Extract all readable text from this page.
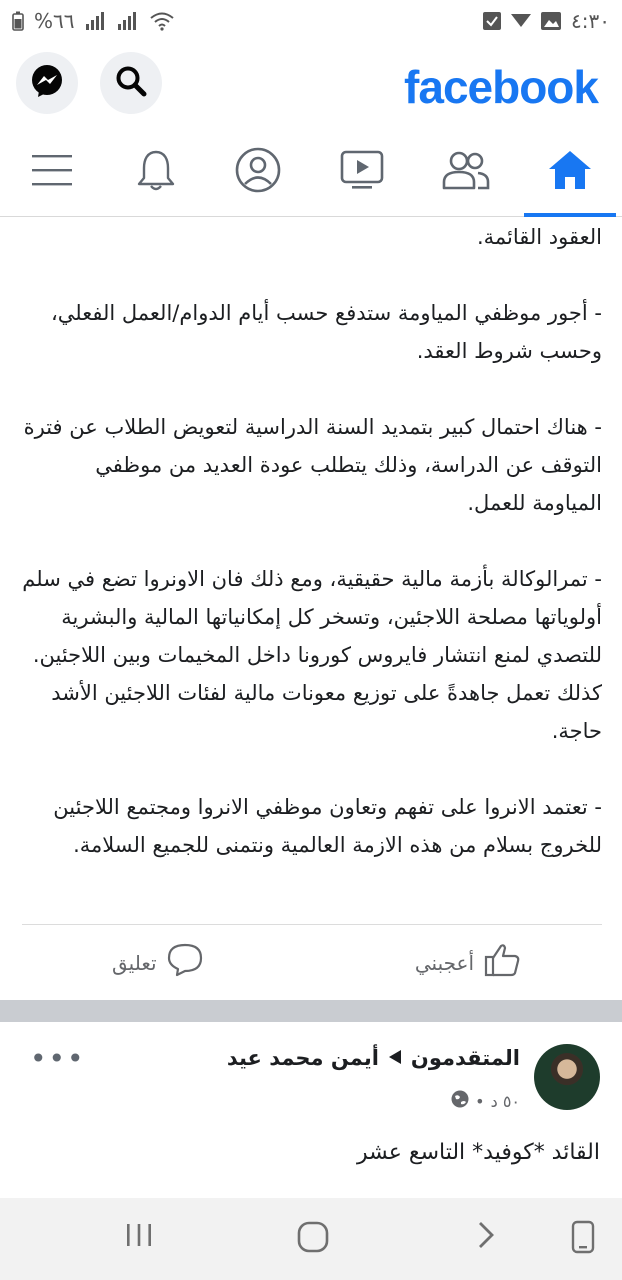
٦٦%	٤:٣٠
facebook

العقود القائمة.

- أجور موظفي المياومة ستدفع حسب أيام الدوام/العمل الفعلي، وحسب شروط العقد.

- هناك احتمال كبير بتمديد السنة الدراسية لتعويض الطلاب عن فترة التوقف عن الدراسة، وذلك يتطلب عودة العديد من موظفي المياومة للعمل.

- تمرالوكالة بأزمة مالية حقيقية، ومع ذلك فان الاونروا تضع في سلم أولوياتها مصلحة اللاجئين، وتسخر كل إمكانياتها المالية والبشرية للتصدي لمنع انتشار فايروس كورونا داخل المخيمات وبين اللاجئين. كذلك تعمل جاهدةً على توزيع معونات مالية لفئات اللاجئين الأشد حاجة.

- تعتمد الانروا على تفهم وتعاون موظفي الانروا ومجتمع اللاجئين للخروج بسلام من هذه الازمة العالمية ونتمنى للجميع السلامة.

أعجبني
تعليق
المتقدمون
أيمن محمد عيد
٥٠ د
•
•••
القائد *كوفيد* التاسع عشر
